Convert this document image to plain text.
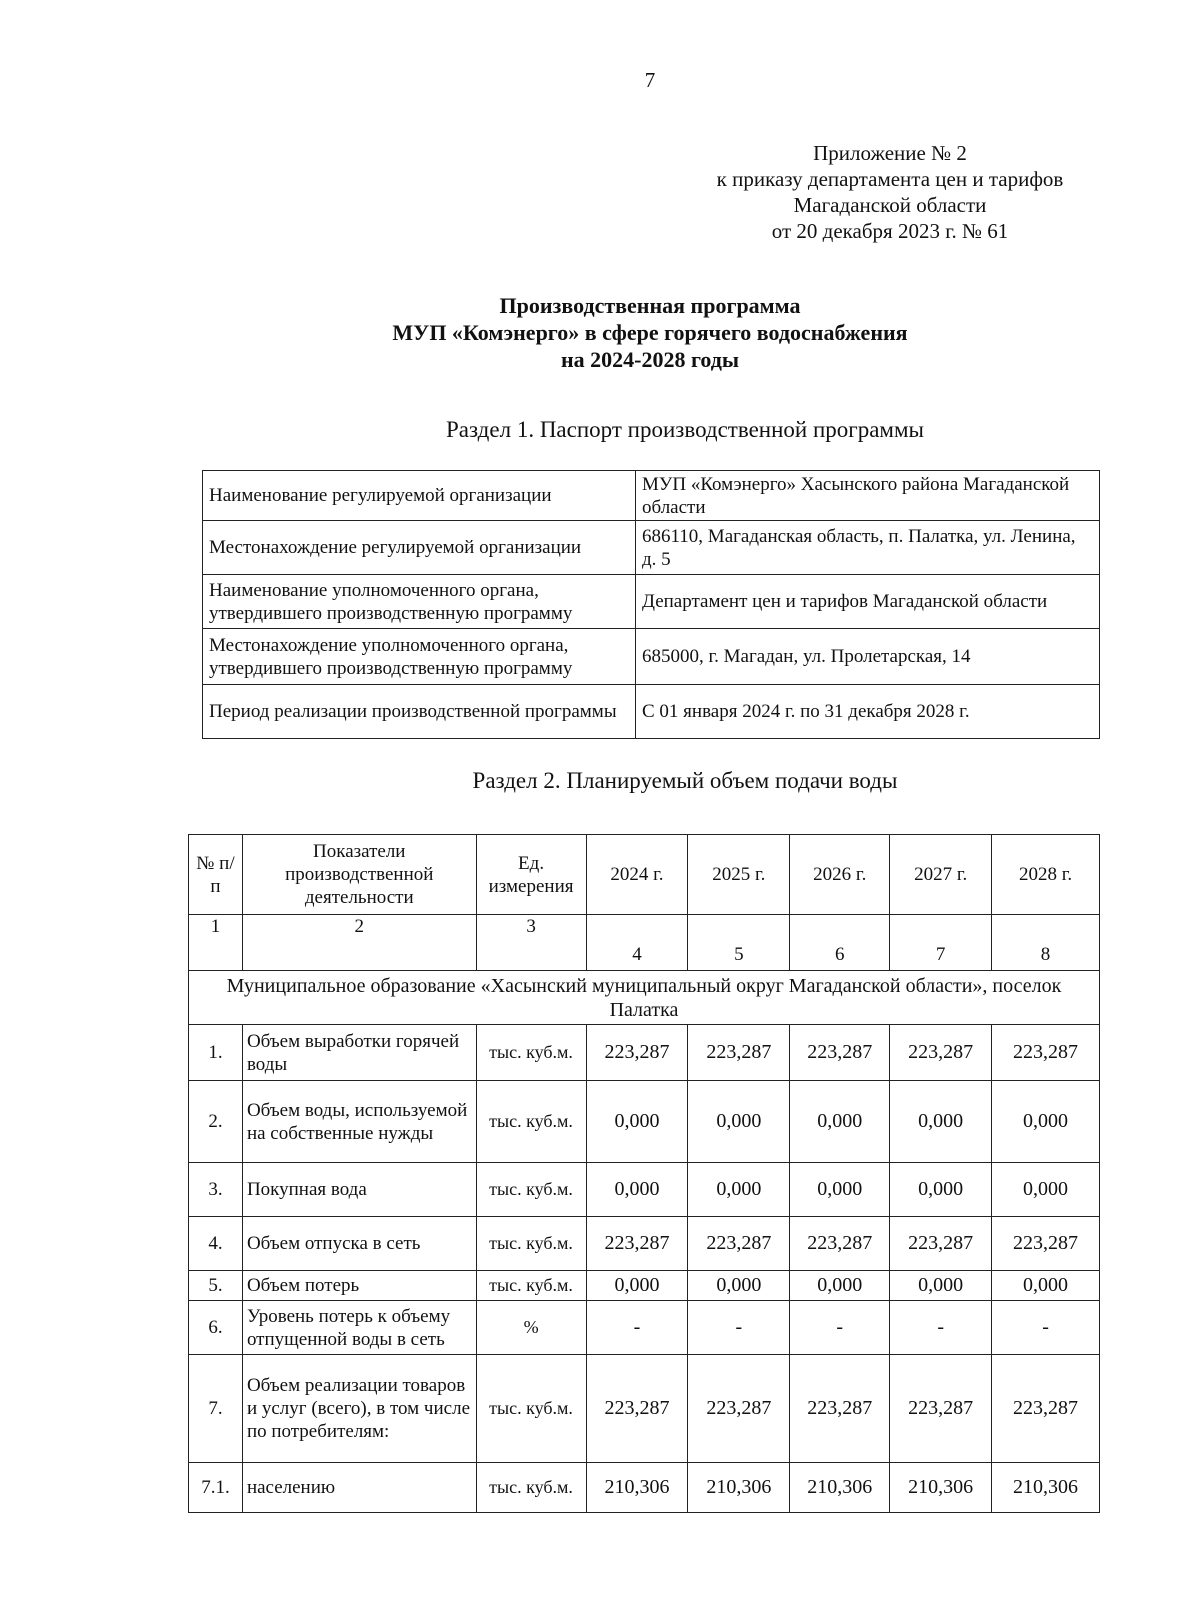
7
Приложение № 2
к приказу департамента цен и тарифов
Магаданской области
от 20 декабря 2023 г. № 61
Производственная программа
МУП «Комэнерго» в сфере горячего водоснабжения
на 2024-2028 годы
Раздел 1. Паспорт производственной программы
Наименование регулируемой организации	МУП «Комэнерго» Хасынского района Магаданской области
Местонахождение регулируемой организации	686110, Магаданская область, п. Палатка, ул. Ленина, д. 5
Наименование уполномоченного органа, утвердившего производственную программу	Департамент цен и тарифов Магаданской области
Местонахождение уполномоченного органа, утвердившего производственную программу	685000, г. Магадан, ул. Пролетарская, 14
Период реализации производственной программы	С 01 января 2024 г. по 31 декабря 2028 г.
Раздел 2. Планируемый объем подачи воды
№ п/п	Показатели производственной деятельности	Ед. измерения	2024 г.	2025 г.	2026 г.	2027 г.	2028 г.
1	2	3	4	5	6	7	8
Муниципальное образование «Хасынский муниципальный округ Магаданской области», поселок Палатка							
1.	Объем выработки горячей воды	тыс. куб.м.	223,287	223,287	223,287	223,287	223,287
2.	Объем воды, используемой на собственные нужды	тыс. куб.м.	0,000	0,000	0,000	0,000	0,000
3.	Покупная вода	тыс. куб.м.	0,000	0,000	0,000	0,000	0,000
4.	Объем отпуска в сеть	тыс. куб.м.	223,287	223,287	223,287	223,287	223,287
5.	Объем потерь	тыс. куб.м.	0,000	0,000	0,000	0,000	0,000
6.	Уровень потерь к объему отпущенной воды в сеть	%	-	-	-	-	-
7.	Объем реализации товаров и услуг (всего), в том числе по потребителям:	тыс. куб.м.	223,287	223,287	223,287	223,287	223,287
7.1.	населению	тыс. куб.м.	210,306	210,306	210,306	210,306	210,306
